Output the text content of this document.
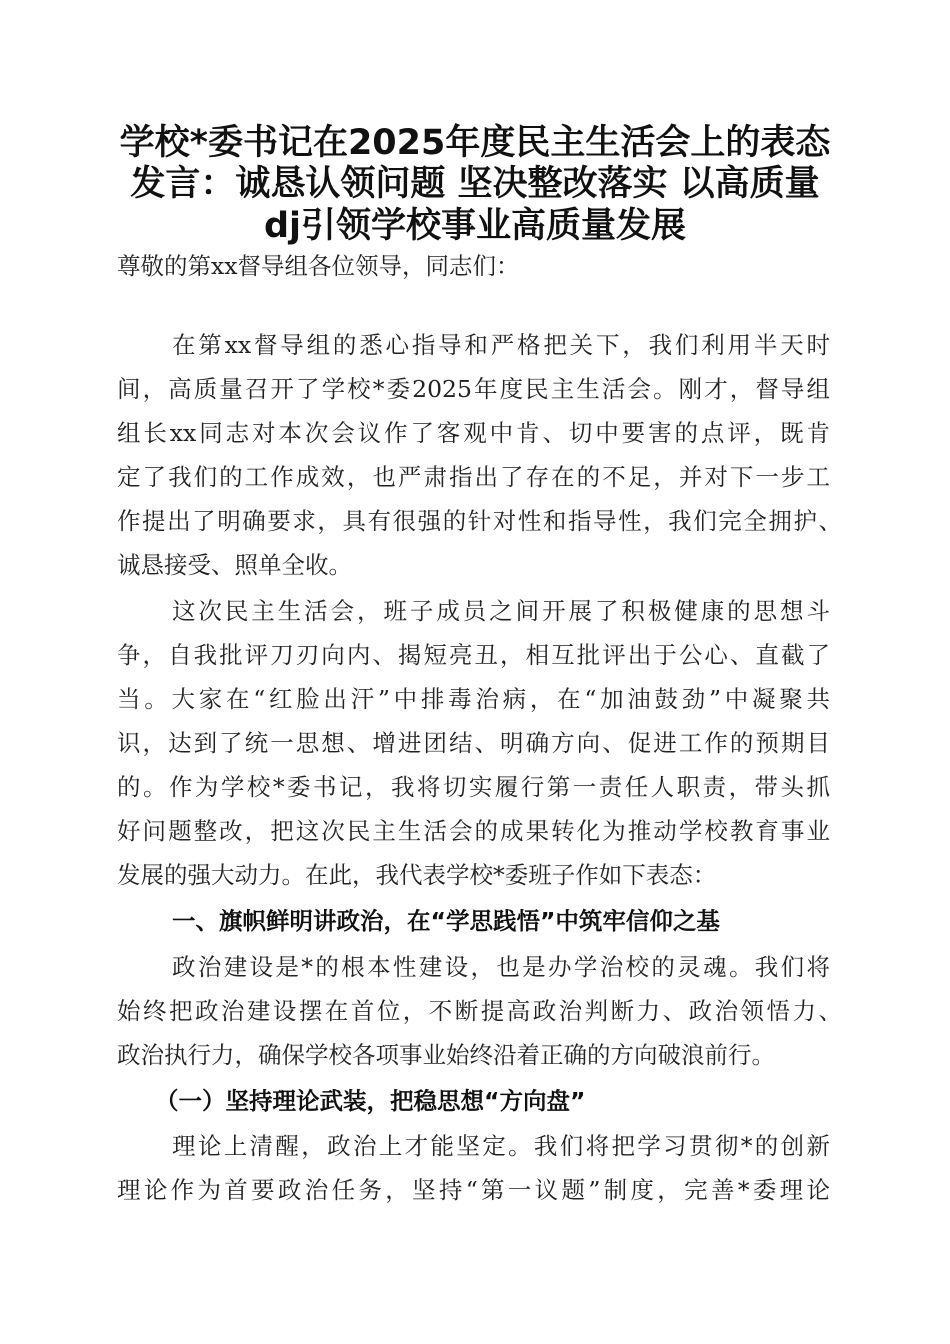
学校*委书记在2025年度民主生活会上的表态
发言：诚恳认领问题 坚决整改落实 以高质量
dj引领学校事业高质量发展
尊敬的第xx督导组各位领导，同志们：
在第xx督导组的悉心指导和严格把关下，我们利用半天时
间，高质量召开了学校*委2025年度民主生活会。刚才，督导组
组长xx同志对本次会议作了客观中肯、切中要害的点评，既肯
定了我们的工作成效，也严肃指出了存在的不足，并对下一步工
作提出了明确要求，具有很强的针对性和指导性，我们完全拥护、
诚恳接受、照单全收。
这次民主生活会，班子成员之间开展了积极健康的思想斗
争，自我批评刀刃向内、揭短亮丑，相互批评出于公心、直截了
当。大家在“红脸出汗”中排毒治病，在“加油鼓劲”中凝聚共
识，达到了统一思想、增进团结、明确方向、促进工作的预期目
的。作为学校*委书记，我将切实履行第一责任人职责，带头抓
好问题整改，把这次民主生活会的成果转化为推动学校教育事业
发展的强大动力。在此，我代表学校*委班子作如下表态：
一、旗帜鲜明讲政治，在“学思践悟”中筑牢信仰之基
政治建设是*的根本性建设，也是办学治校的灵魂。我们将
始终把政治建设摆在首位，不断提高政治判断力、政治领悟力、
政治执行力，确保学校各项事业始终沿着正确的方向破浪前行。
（一）坚持理论武装，把稳思想“方向盘”
理论上清醒，政治上才能坚定。我们将把学习贯彻*的创新
理论作为首要政治任务，坚持“第一议题”制度，完善*委理论
